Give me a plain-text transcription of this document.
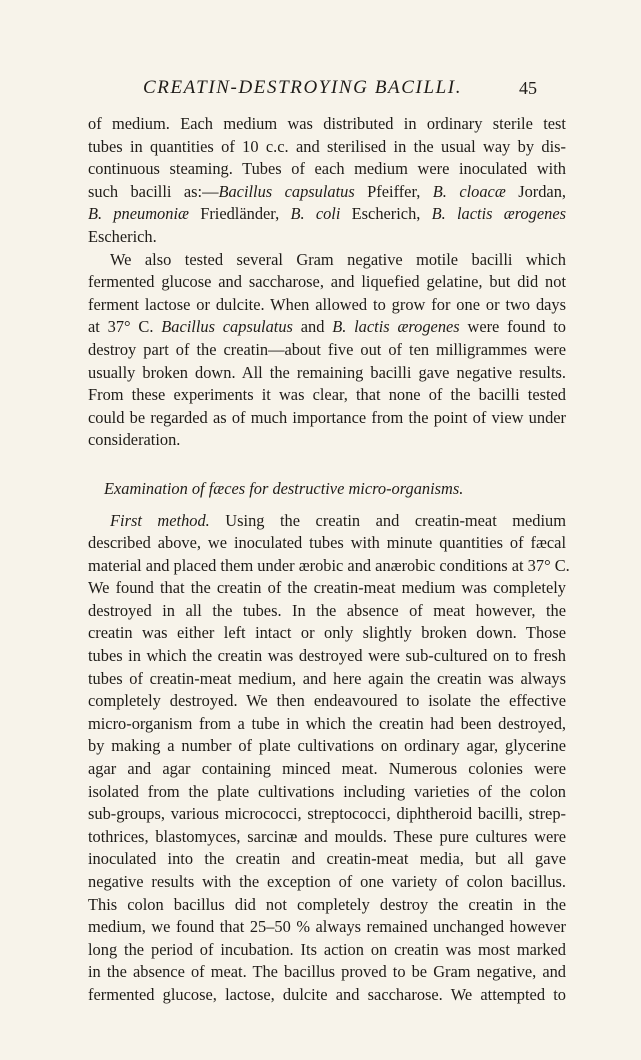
CREATIN-DESTROYING BACILLI.	45
of medium. Each medium was distributed in ordinary sterile test
tubes in quantities of 10 c.c. and sterilised in the usual way by dis-
continuous steaming. Tubes of each medium were inoculated with
such bacilli as:—Bacillus capsulatus Pfeiffer, B. cloacæ Jordan,
B. pneumoniæ Friedländer, B. coli Escherich, B. lactis ærogenes
Escherich.
We also tested several Gram negative motile bacilli which
fermented glucose and saccharose, and liquefied gelatine, but did not
ferment lactose or dulcite. When allowed to grow for one or two days
at 37° C. Bacillus capsulatus and B. lactis ærogenes were found to
destroy part of the creatin—about five out of ten milligrammes were
usually broken down. All the remaining bacilli gave negative results.
From these experiments it was clear, that none of the bacilli tested
could be regarded as of much importance from the point of view under
consideration.
Examination of fæces for destructive micro-organisms.
First method. Using the creatin and creatin-meat medium
described above, we inoculated tubes with minute quantities of fæcal
material and placed them under ærobic and anærobic conditions at 37° C.
We found that the creatin of the creatin-meat medium was completely
destroyed in all the tubes. In the absence of meat however, the
creatin was either left intact or only slightly broken down. Those
tubes in which the creatin was destroyed were sub-cultured on to fresh
tubes of creatin-meat medium, and here again the creatin was always
completely destroyed. We then endeavoured to isolate the effective
micro-organism from a tube in which the creatin had been destroyed,
by making a number of plate cultivations on ordinary agar, glycerine
agar and agar containing minced meat. Numerous colonies were
isolated from the plate cultivations including varieties of the colon
sub-groups, various micrococci, streptococci, diphtheroid bacilli, strep-
tothrices, blastomyces, sarcinæ and moulds. These pure cultures were
inoculated into the creatin and creatin-meat media, but all gave
negative results with the exception of one variety of colon bacillus.
This colon bacillus did not completely destroy the creatin in the
medium, we found that 25–50 % always remained unchanged however
long the period of incubation. Its action on creatin was most marked
in the absence of meat. The bacillus proved to be Gram negative, and
fermented glucose, lactose, dulcite and saccharose. We attempted to
